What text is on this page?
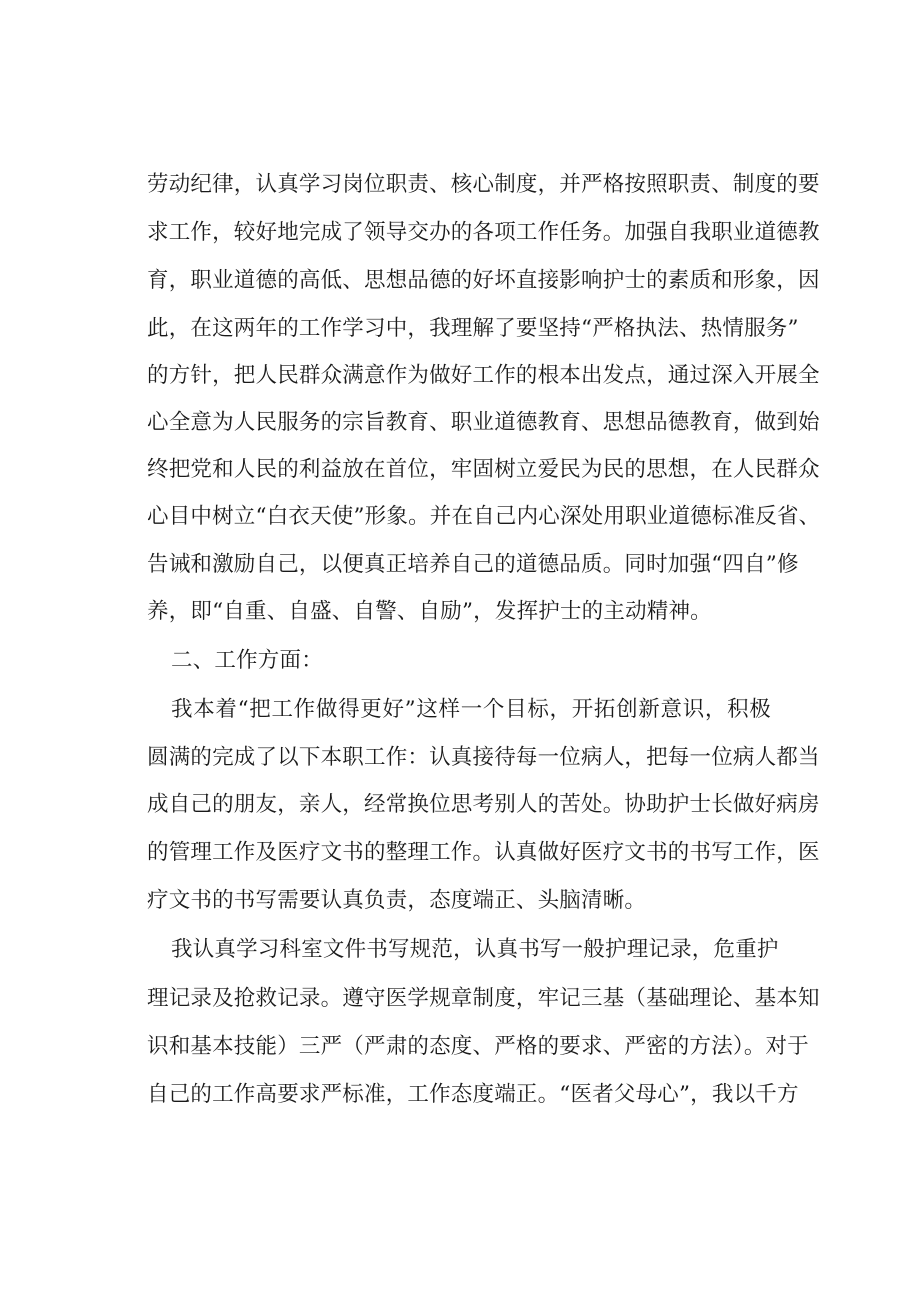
劳动纪律，认真学习岗位职责、核心制度，并严格按照职责、制度的要
求工作，较好地完成了领导交办的各项工作任务。加强自我职业道德教
育，职业道德的高低、思想品德的好坏直接影响护士的素质和形象，因
此，在这两年的工作学习中，我理解了要坚持“严格执法、热情服务”
的方针，把人民群众满意作为做好工作的根本出发点，通过深入开展全
心全意为人民服务的宗旨教育、职业道德教育、思想品德教育，做到始
终把党和人民的利益放在首位，牢固树立爱民为民的思想，在人民群众
心目中树立“白衣天使”形象。并在自己内心深处用职业道德标准反省、
告诫和激励自己，以便真正培养自己的道德品质。同时加强“四自”修
养，即“自重、自盛、自警、自励”，发挥护士的主动精神。
二、工作方面：
我本着“把工作做得更好”这样一个目标，开拓创新意识，积极
圆满的完成了以下本职工作：认真接待每一位病人，把每一位病人都当
成自己的朋友，亲人，经常换位思考别人的苦处。协助护士长做好病房
的管理工作及医疗文书的整理工作。认真做好医疗文书的书写工作，医
疗文书的书写需要认真负责，态度端正、头脑清晰。
我认真学习科室文件书写规范，认真书写一般护理记录，危重护
理记录及抢救记录。遵守医学规章制度，牢记三基（基础理论、基本知
识和基本技能）三严（严肃的态度、严格的要求、严密的方法）。对于
自己的工作高要求严标准，工作态度端正。“医者父母心”，我以千方
